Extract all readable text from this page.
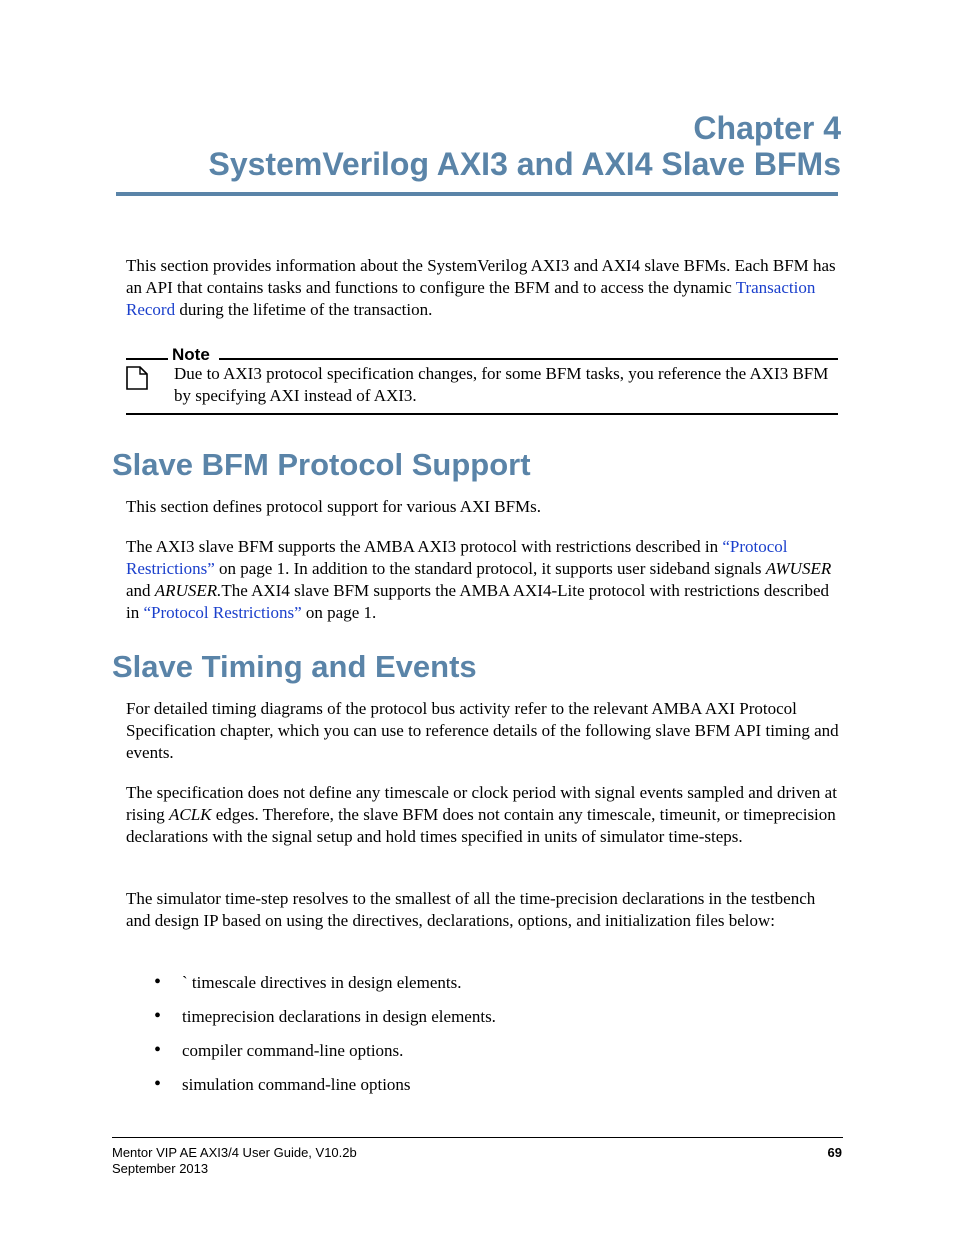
Chapter 4
SystemVerilog AXI3 and AXI4 Slave BFMs

This section provides information about the SystemVerilog AXI3 and AXI4 slave BFMs. Each BFM has an API that contains tasks and functions to configure the BFM and to access the dynamic Transaction Record during the lifetime of the transaction.

Note

Due to AXI3 protocol specification changes, for some BFM tasks, you reference the AXI3 BFM by specifying AXI instead of AXI3.

Slave BFM Protocol Support

This section defines protocol support for various AXI BFMs.

The AXI3 slave BFM supports the AMBA AXI3 protocol with restrictions described in “Protocol Restrictions” on page 1. In addition to the standard protocol, it supports user sideband signals AWUSER and ARUSER.The AXI4 slave BFM supports the AMBA AXI4-Lite protocol with restrictions described in “Protocol Restrictions” on page 1.

Slave Timing and Events

For detailed timing diagrams of the protocol bus activity refer to the relevant AMBA AXI Protocol Specification chapter, which you can use to reference details of the following slave BFM API timing and events.

The specification does not define any timescale or clock period with signal events sampled and driven at rising ACLK edges. Therefore, the slave BFM does not contain any timescale, timeunit, or timeprecision declarations with the signal setup and hold times specified in units of simulator time-steps.

The simulator time-step resolves to the smallest of all the time-precision declarations in the testbench and design IP based on using the directives, declarations, options, and initialization files below:

• ` timescale directives in design elements.
• timeprecision declarations in design elements.
• compiler command-line options.
• simulation command-line options

Mentor VIP AE AXI3/4 User Guide, V10.2b

September 2013

69
